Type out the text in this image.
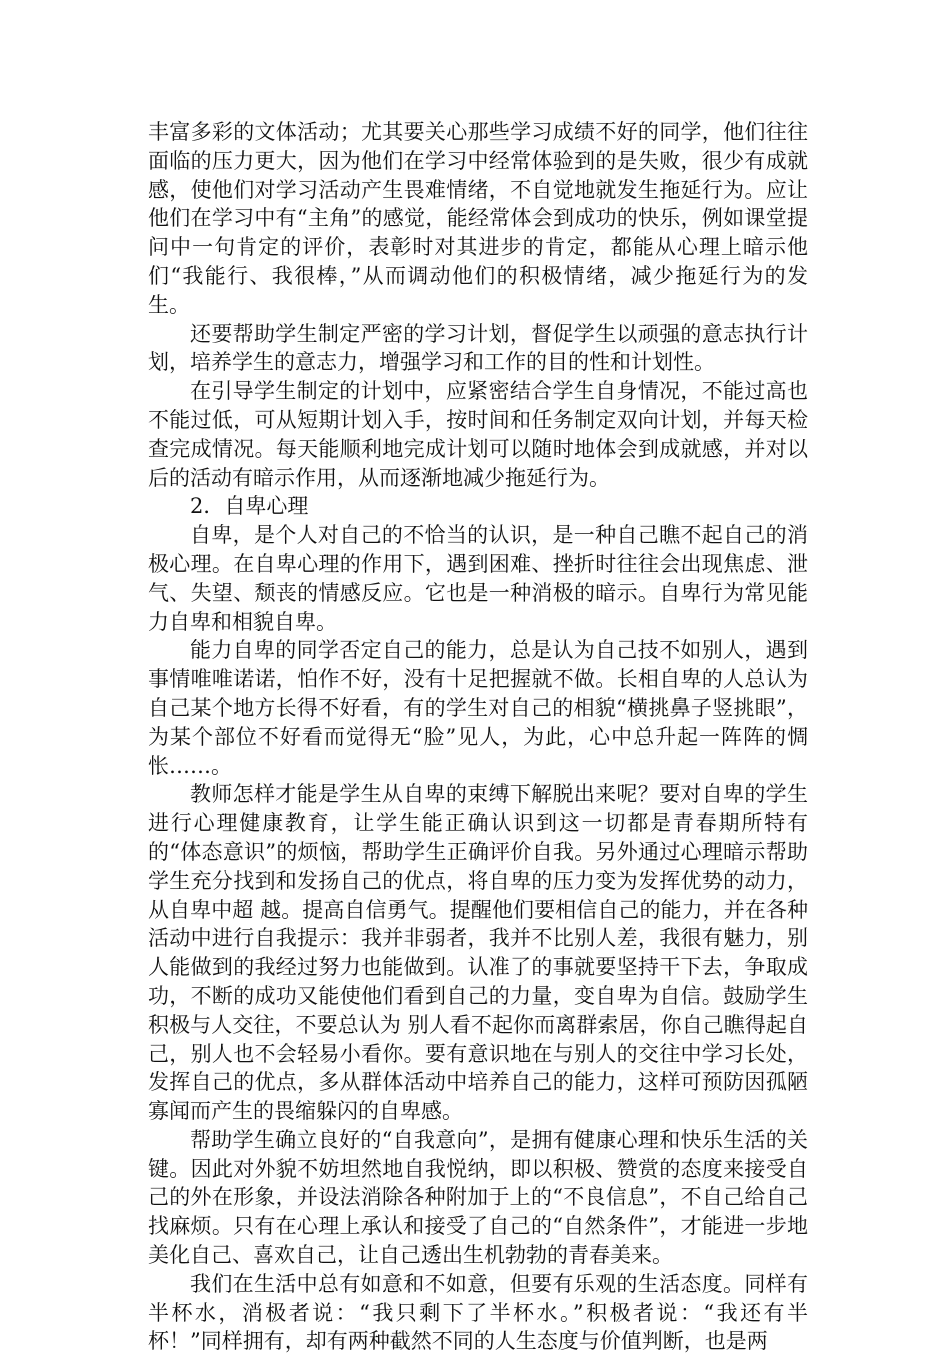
丰富多彩的文体活动；尤其要关心那些学习成绩不好的同学，他们往往面临的压力更大，因为他们在学习中经常体验到的是失败，很少有成就感，使他们对学习活动产生畏难情绪，不自觉地就发生拖延行为。应让他们在学习中有“主角”的感觉，能经常体会到成功的快乐，例如课堂提问中一句肯定的评价，表彰时对其进步的肯定，都能从心理上暗示他们“我能行、我很棒，”从而调动他们的积极情绪，减少拖延行为的发生。

还要帮助学生制定严密的学习计划，督促学生以顽强的意志执行计划，培养学生的意志力，增强学习和工作的目的性和计划性。

在引导学生制定的计划中，应紧密结合学生自身情况，不能过高也不能过低，可从短期计划入手，按时间和任务制定双向计划，并每天检查完成情况。每天能顺利地完成计划可以随时地体会到成就感，并对以后的活动有暗示作用，从而逐渐地减少拖延行为。

2．自卑心理

自卑，是个人对自己的不恰当的认识，是一种自己瞧不起自己的消极心理。在自卑心理的作用下，遇到困难、挫折时往往会出现焦虑、泄气、失望、颓丧的情感反应。它也是一种消极的暗示。自卑行为常见能力自卑和相貌自卑。

能力自卑的同学否定自己的能力，总是认为自己技不如别人，遇到事情唯唯诺诺，怕作不好，没有十足把握就不做。长相自卑的人总认为自己某个地方长得不好看，有的学生对自己的相貌“横挑鼻子竖挑眼”，为某个部位不好看而觉得无“脸”见人，为此，心中总升起一阵阵的惆怅……。

教师怎样才能是学生从自卑的束缚下解脱出来呢？要对自卑的学生进行心理健康教育，让学生能正确认识到这一切都是青春期所特有的“体态意识”的烦恼，帮助学生正确评价自我。另外通过心理暗示帮助学生充分找到和发扬自己的优点，将自卑的压力变为发挥优势的动力，从自卑中超 越。提高自信勇气。提醒他们要相信自己的能力，并在各种活动中进行自我提示：我并非弱者，我并不比别人差，我很有魅力，别人能做到的我经过努力也能做到。认准了的事就要坚持干下去，争取成功，不断的成功又能使他们看到自己的力量，变自卑为自信。鼓励学生积极与人交往，不要总认为 别人看不起你而离群索居，你自己瞧得起自己，别人也不会轻易小看你。要有意识地在与别人的交往中学习长处，发挥自己的优点，多从群体活动中培养自己的能力，这样可预防因孤陋寡闻而产生的畏缩躲闪的自卑感。

帮助学生确立良好的“自我意向”，是拥有健康心理和快乐生活的关键。因此对外貌不妨坦然地自我悦纳，即以积极、赞赏的态度来接受自己的外在形象，并设法消除各种附加于上的“不良信息”，不自己给自己找麻烦。只有在心理上承认和接受了自己的“自然条件”，才能进一步地美化自己、喜欢自己，让自己透出生机勃勃的青春美来。

我们在生活中总有如意和不如意，但要有乐观的生活态度。同样有半杯水，消极者说：“我只剩下了半杯水。”积极者说：“我还有半杯！”同样拥有，却有两种截然不同的人生态度与价值判断，也是两
